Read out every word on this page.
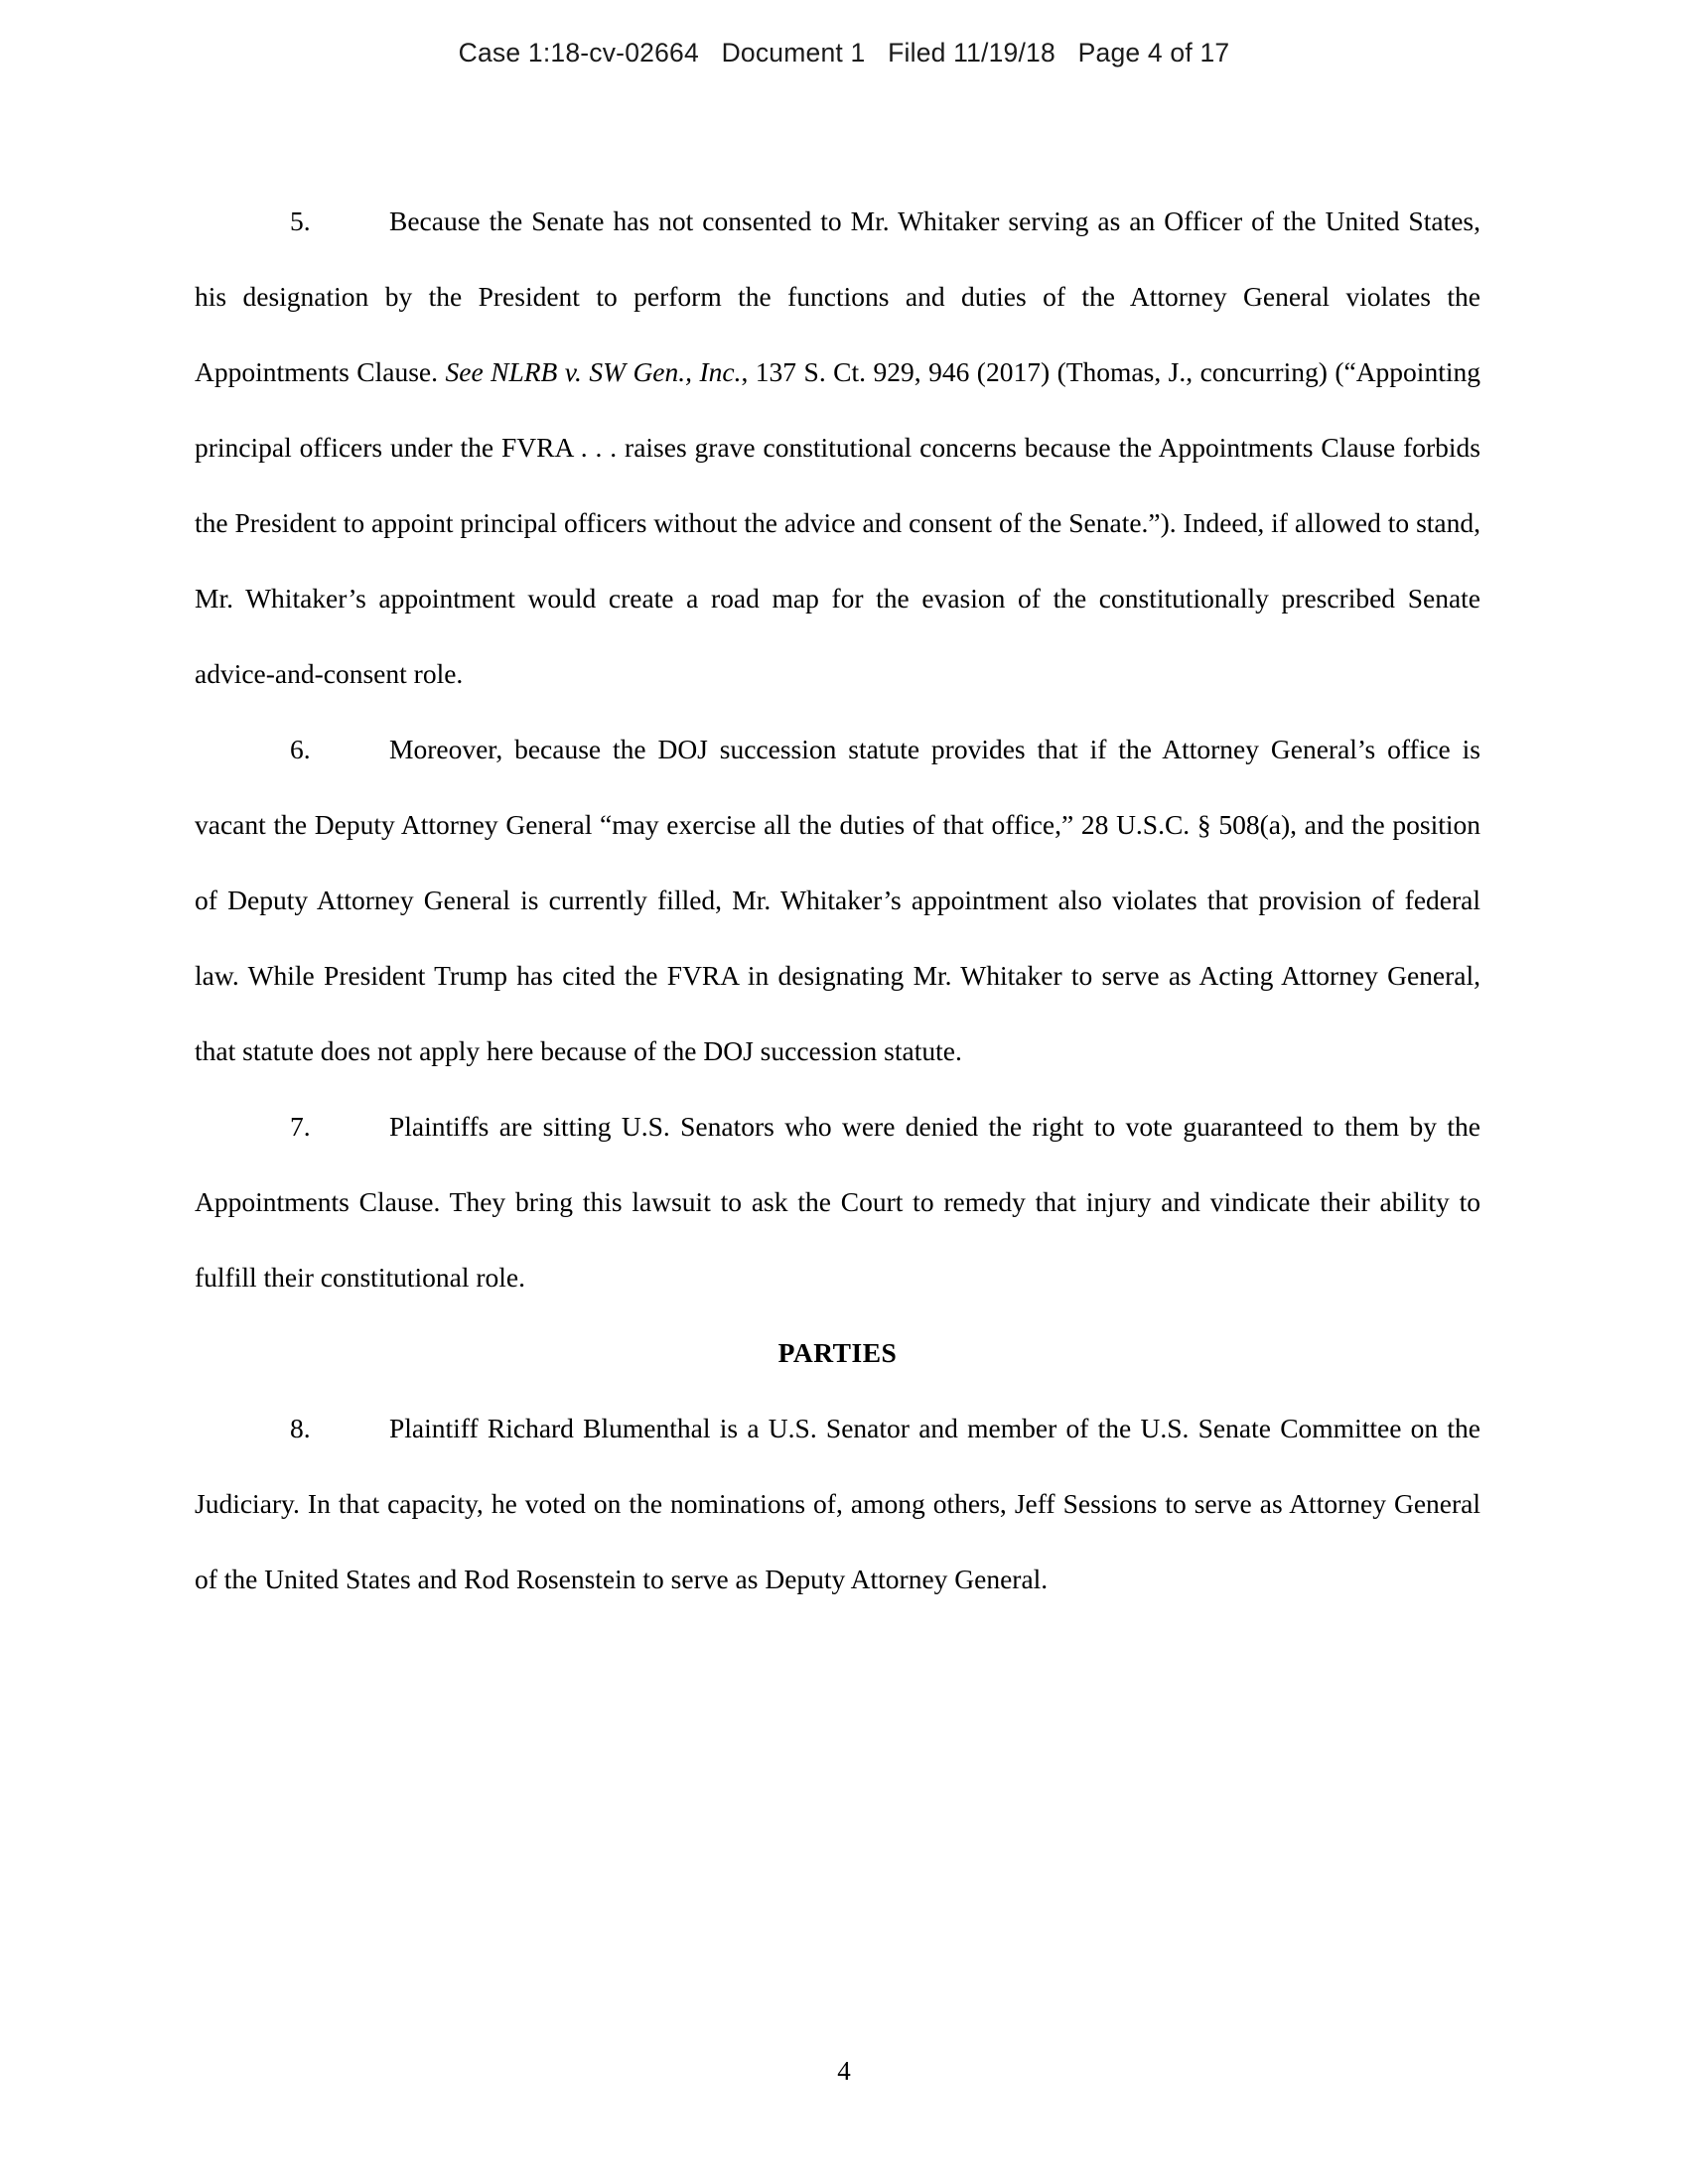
Case 1:18-cv-02664   Document 1   Filed 11/19/18   Page 4 of 17

5.	Because the Senate has not consented to Mr. Whitaker serving as an Officer of the United States, his designation by the President to perform the functions and duties of the Attorney General violates the Appointments Clause. See NLRB v. SW Gen., Inc., 137 S. Ct. 929, 946 (2017) (Thomas, J., concurring) (“Appointing principal officers under the FVRA . . . raises grave constitutional concerns because the Appointments Clause forbids the President to appoint principal officers without the advice and consent of the Senate.”). Indeed, if allowed to stand, Mr. Whitaker’s appointment would create a road map for the evasion of the constitutionally prescribed Senate advice-and-consent role.

6.	Moreover, because the DOJ succession statute provides that if the Attorney General’s office is vacant the Deputy Attorney General “may exercise all the duties of that office,” 28 U.S.C. § 508(a), and the position of Deputy Attorney General is currently filled, Mr. Whitaker’s appointment also violates that provision of federal law. While President Trump has cited the FVRA in designating Mr. Whitaker to serve as Acting Attorney General, that statute does not apply here because of the DOJ succession statute.

7.	Plaintiffs are sitting U.S. Senators who were denied the right to vote guaranteed to them by the Appointments Clause. They bring this lawsuit to ask the Court to remedy that injury and vindicate their ability to fulfill their constitutional role.

PARTIES

8.	Plaintiff Richard Blumenthal is a U.S. Senator and member of the U.S. Senate Committee on the Judiciary. In that capacity, he voted on the nominations of, among others, Jeff Sessions to serve as Attorney General of the United States and Rod Rosenstein to serve as Deputy Attorney General.

4
